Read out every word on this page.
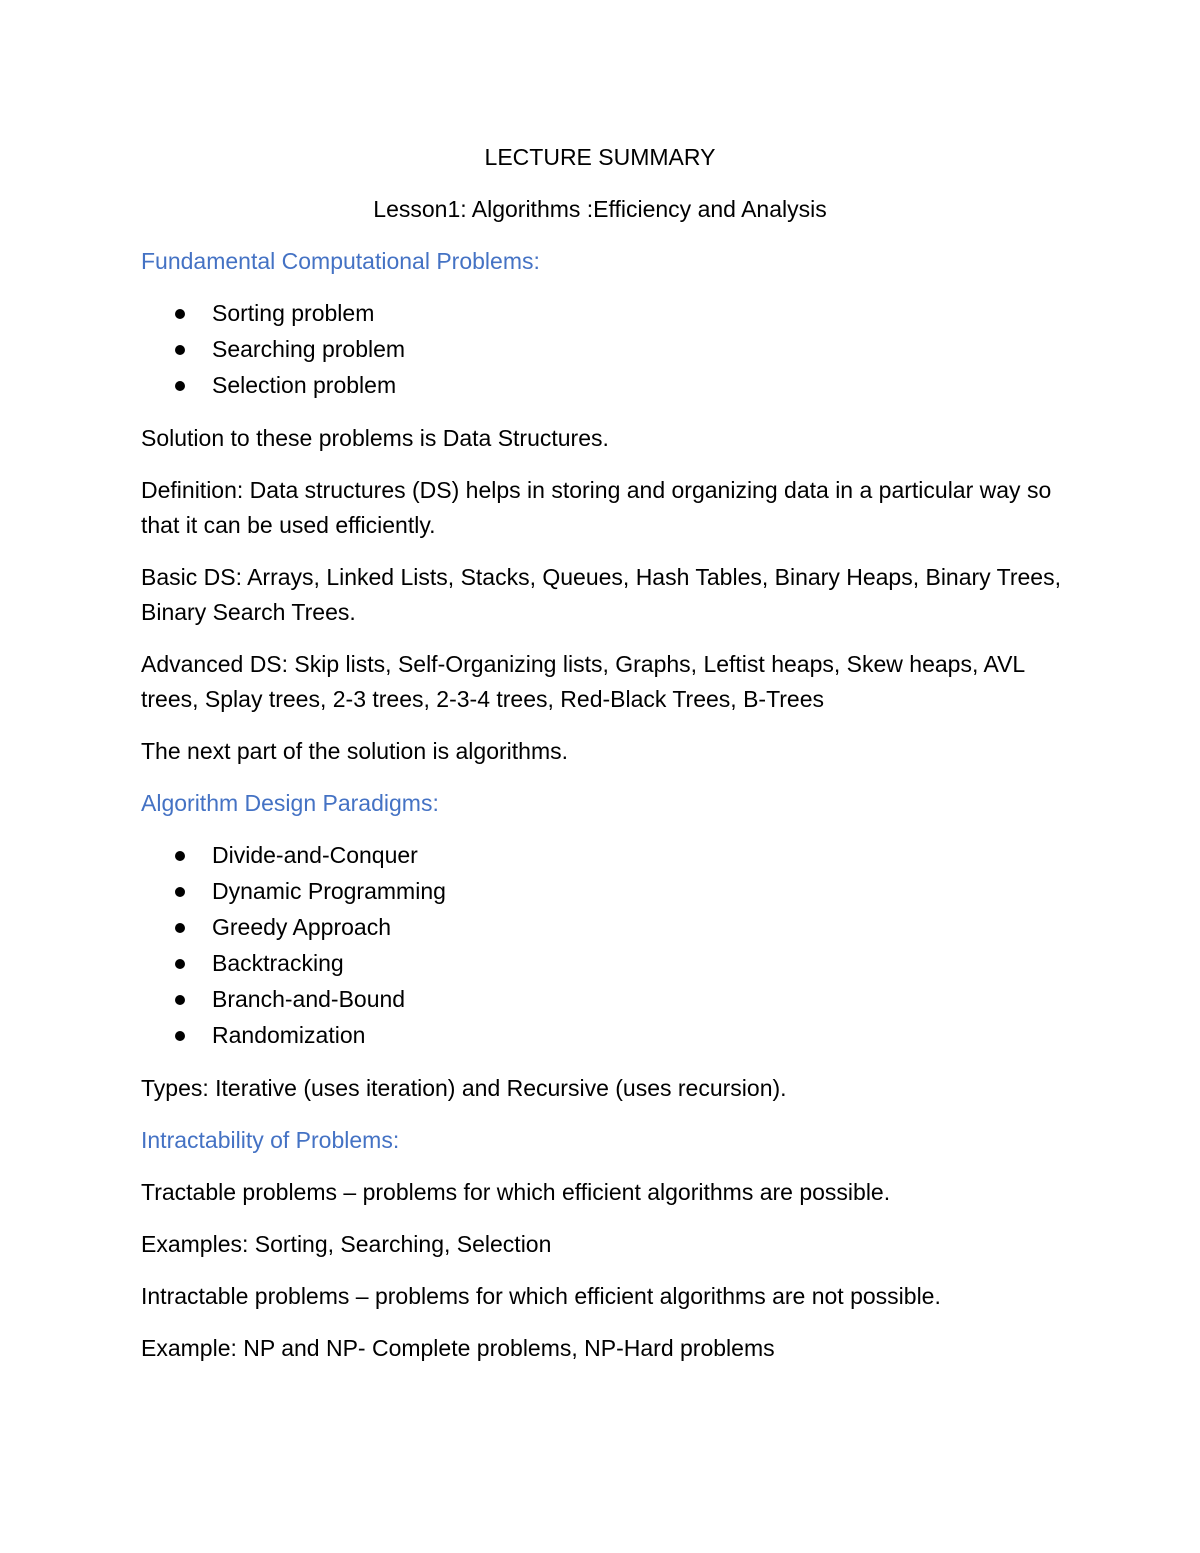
LECTURE SUMMARY

Lesson1: Algorithms :Efficiency and Analysis

Fundamental Computational Problems:

Sorting problem
Searching problem
Selection problem

Solution to these problems is Data Structures.

Definition: Data structures (DS) helps in storing and organizing data in a particular way so that it can be used efficiently.

Basic DS: Arrays, Linked Lists, Stacks, Queues, Hash Tables, Binary Heaps, Binary Trees, Binary Search Trees.

Advanced DS: Skip lists, Self-Organizing lists, Graphs, Leftist heaps, Skew heaps, AVL trees, Splay trees, 2-3 trees, 2-3-4 trees, Red-Black Trees, B-Trees

The next part of the solution is algorithms.

Algorithm Design Paradigms:

Divide-and-Conquer
Dynamic Programming
Greedy Approach
Backtracking
Branch-and-Bound
Randomization

Types: Iterative (uses iteration) and Recursive (uses recursion).

Intractability of Problems:

Tractable problems – problems for which efficient algorithms are possible.

Examples: Sorting, Searching, Selection

Intractable problems – problems for which efficient algorithms are not possible.

Example: NP and NP- Complete problems, NP-Hard problems
